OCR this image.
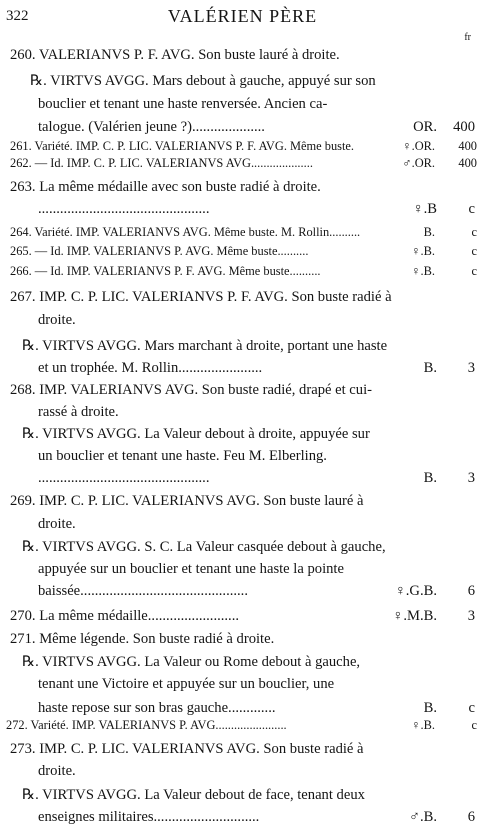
322	VALÉRIEN PÈRE
fr
260. VALERIANVS P. F. AVG. Son buste lauré à droite.
℞. VIRTVS AVGG. Mars debout à gauche, appuyé sur son
bouclier et tenant une haste renversée. Ancien ca-
talogue. (Valérien jeune ?)....................	OR.	400
261. Variété. IMP. C. P. LIC. VALERIANVS P. F. AVG. Même buste.	♀.OR.	400
262. — Id. IMP. C. P. LIC. VALERIANVS AVG....................	♂.OR.	400
263. La même médaille avec son buste radié à droite.
...............................................	♀.B	c
264. Variété. IMP. VALERIANVS AVG. Même buste. M. Rollin..........	B.	c
265. — Id. IMP. VALERIANVS P. AVG. Même buste..........	♀.B.	c
266. — Id. IMP. VALERIANVS P. F. AVG. Même buste..........	♀.B.	c
267. IMP. C. P. LIC. VALERIANVS P. F. AVG. Son buste radié à
droite.
℞. VIRTVS AVGG. Mars marchant à droite, portant une haste
et un trophée. M. Rollin.......................	B.	3
268. IMP. VALERIANVS AVG. Son buste radié, drapé et cui-
rassé à droite.
℞. VIRTVS AVGG. La Valeur debout à droite, appuyée sur
un bouclier et tenant une haste. Feu M. Elberling.
...............................................	B.	3
269. IMP. C. P. LIC. VALERIANVS AVG. Son buste lauré à
droite.
℞. VIRTVS AVGG. S. C. La Valeur casquée debout à gauche,
appuyée sur un bouclier et tenant une haste la pointe
baissée..............................................	♀.G.B.	6
270. La même médaille.........................	♀.M.B.	3
271. Même légende. Son buste radié à droite.
℞. VIRTVS AVGG. La Valeur ou Rome debout à gauche,
tenant une Victoire et appuyée sur un bouclier, une
haste repose sur son bras gauche.............	B.	c
272. Variété. IMP. VALERIANVS P. AVG.......................	♀.B.	c
273. IMP. C. P. LIC. VALERIANVS AVG. Son buste radié à
droite.
℞. VIRTVS AVGG. La Valeur debout de face, tenant deux
enseignes militaires.............................	♂.B.	6
